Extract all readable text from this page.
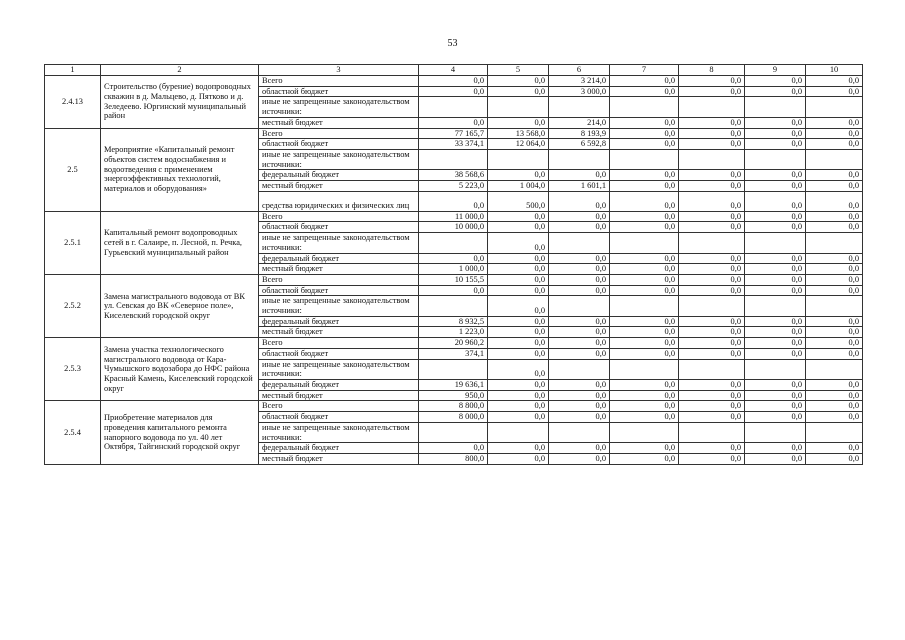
53
1	2	3	4	5	6	7	8	9	10
2.4.13	Строительство (бурение) водопроводных скважин в д. Мальцево, д. Пятково и д. Зеледеево. Юргинский муниципальный район	Всего	0,0	0,0	3 214,0	0,0	0,0	0,0	0,0
		областной бюджет	0,0	0,0	3 000,0	0,0	0,0	0,0	0,0
		иные не запрещенные законодательством источники:							
		местный бюджет	0,0	0,0	214,0	0,0	0,0	0,0	0,0
2.5	Мероприятие «Капитальный ремонт объектов систем водоснабжения и водоотведения с применением энергоэффективных технологий, материалов и оборудования»	Всего	77 165,7	13 568,0	8 193,9	0,0	0,0	0,0	0,0
		областной бюджет	33 374,1	12 064,0	6 592,8	0,0	0,0	0,0	0,0
		иные не запрещенные законодательством источники:							
		федеральный бюджет	38 568,6	0,0	0,0	0,0	0,0	0,0	0,0
		местный бюджет	5 223,0	1 004,0	1 601,1	0,0	0,0	0,0	0,0
		средства юридических и физических лиц	0,0	500,0	0,0	0,0	0,0	0,0	0,0
2.5.1	Капитальный ремонт водопроводных сетей в г. Салаире, п. Лесной, п. Речка, Гурьевский муниципальный район	Всего	11 000,0	0,0	0,0	0,0	0,0	0,0	0,0
		областной бюджет	10 000,0	0,0	0,0	0,0	0,0	0,0	0,0
		иные не запрещенные законодательством источники:		0,0					
		федеральный бюджет	0,0	0,0	0,0	0,0	0,0	0,0	0,0
		местный бюджет	1 000,0	0,0	0,0	0,0	0,0	0,0	0,0
2.5.2	Замена магистрального водовода от ВК ул. Севская до ВК «Северное поле», Киселевский городской округ	Всего	10 155,5	0,0	0,0	0,0	0,0	0,0	0,0
		областной бюджет	0,0	0,0	0,0	0,0	0,0	0,0	0,0
		иные не запрещенные законодательством источники:		0,0					
		федеральный бюджет	8 932,5	0,0	0,0	0,0	0,0	0,0	0,0
		местный бюджет	1 223,0	0,0	0,0	0,0	0,0	0,0	0,0
2.5.3	Замена участка технологического магистрального водовода от Кара-Чумышского водозабора до НФС района Красный Камень, Киселевский городской округ	Всего	20 960,2	0,0	0,0	0,0	0,0	0,0	0,0
		областной бюджет	374,1	0,0	0,0	0,0	0,0	0,0	0,0
		иные не запрещенные законодательством источники:		0,0					
		федеральный бюджет	19 636,1	0,0	0,0	0,0	0,0	0,0	0,0
		местный бюджет	950,0	0,0	0,0	0,0	0,0	0,0	0,0
2.5.4	Приобретение материалов для проведения капитального ремонта напорного водовода по ул. 40 лет Октября, Тайгинский городской округ	Всего	8 800,0	0,0	0,0	0,0	0,0	0,0	0,0
		областной бюджет	8 000,0	0,0	0,0	0,0	0,0	0,0	0,0
		иные не запрещенные законодательством источники:							
		федеральный бюджет	0,0	0,0	0,0	0,0	0,0	0,0	0,0
		местный бюджет	800,0	0,0	0,0	0,0	0,0	0,0	0,0
